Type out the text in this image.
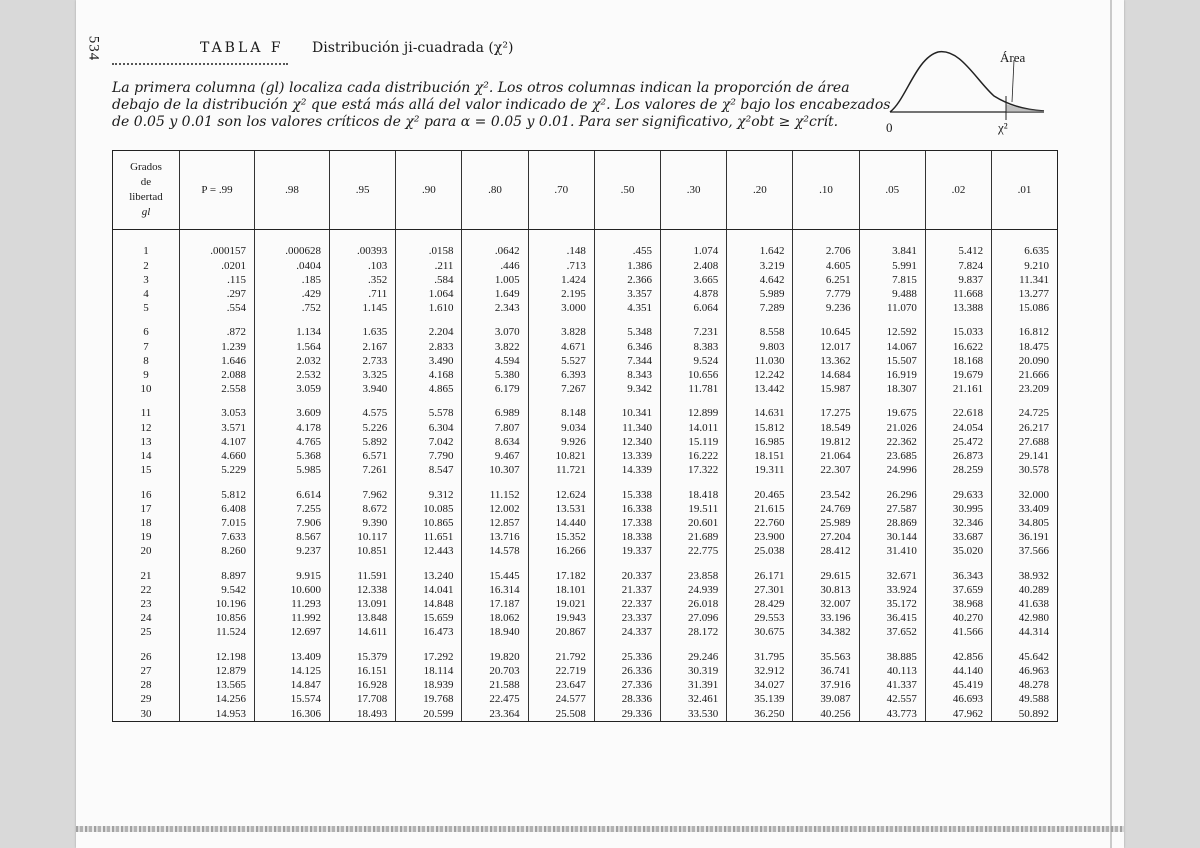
534	TABLA F Distribución ji-cuadrada (χ²)
La primera columna (gl) localiza cada distribución χ². Los otros columnas indican la proporción de área debajo de la distribución χ² que está más allá del valor indicado de χ². Los valores de χ² bajo los encabezados de 0.05 y 0.01 son los valores críticos de χ² para α = 0.05 y 0.01. Para ser significativo, χ²obt ≥ χ²crít.
Área
0	χ²
Grados
de
libertad
gl	P = .99	.98	.95	.90	.80	.70	.50	.30	.20	.10	.05	.02	.01
1	.000157	.000628	.00393	.0158	.0642	.148	.455	1.074	1.642	2.706	3.841	5.412	6.635
2	.0201	.0404	.103	.211	.446	.713	1.386	2.408	3.219	4.605	5.991	7.824	9.210
3	.115	.185	.352	.584	1.005	1.424	2.366	3.665	4.642	6.251	7.815	9.837	11.341
4	.297	.429	.711	1.064	1.649	2.195	3.357	4.878	5.989	7.779	9.488	11.668	13.277
5	.554	.752	1.145	1.610	2.343	3.000	4.351	6.064	7.289	9.236	11.070	13.388	15.086
6	.872	1.134	1.635	2.204	3.070	3.828	5.348	7.231	8.558	10.645	12.592	15.033	16.812
7	1.239	1.564	2.167	2.833	3.822	4.671	6.346	8.383	9.803	12.017	14.067	16.622	18.475
8	1.646	2.032	2.733	3.490	4.594	5.527	7.344	9.524	11.030	13.362	15.507	18.168	20.090
9	2.088	2.532	3.325	4.168	5.380	6.393	8.343	10.656	12.242	14.684	16.919	19.679	21.666
10	2.558	3.059	3.940	4.865	6.179	7.267	9.342	11.781	13.442	15.987	18.307	21.161	23.209
11	3.053	3.609	4.575	5.578	6.989	8.148	10.341	12.899	14.631	17.275	19.675	22.618	24.725
12	3.571	4.178	5.226	6.304	7.807	9.034	11.340	14.011	15.812	18.549	21.026	24.054	26.217
13	4.107	4.765	5.892	7.042	8.634	9.926	12.340	15.119	16.985	19.812	22.362	25.472	27.688
14	4.660	5.368	6.571	7.790	9.467	10.821	13.339	16.222	18.151	21.064	23.685	26.873	29.141
15	5.229	5.985	7.261	8.547	10.307	11.721	14.339	17.322	19.311	22.307	24.996	28.259	30.578
16	5.812	6.614	7.962	9.312	11.152	12.624	15.338	18.418	20.465	23.542	26.296	29.633	32.000
17	6.408	7.255	8.672	10.085	12.002	13.531	16.338	19.511	21.615	24.769	27.587	30.995	33.409
18	7.015	7.906	9.390	10.865	12.857	14.440	17.338	20.601	22.760	25.989	28.869	32.346	34.805
19	7.633	8.567	10.117	11.651	13.716	15.352	18.338	21.689	23.900	27.204	30.144	33.687	36.191
20	8.260	9.237	10.851	12.443	14.578	16.266	19.337	22.775	25.038	28.412	31.410	35.020	37.566
21	8.897	9.915	11.591	13.240	15.445	17.182	20.337	23.858	26.171	29.615	32.671	36.343	38.932
22	9.542	10.600	12.338	14.041	16.314	18.101	21.337	24.939	27.301	30.813	33.924	37.659	40.289
23	10.196	11.293	13.091	14.848	17.187	19.021	22.337	26.018	28.429	32.007	35.172	38.968	41.638
24	10.856	11.992	13.848	15.659	18.062	19.943	23.337	27.096	29.553	33.196	36.415	40.270	42.980
25	11.524	12.697	14.611	16.473	18.940	20.867	24.337	28.172	30.675	34.382	37.652	41.566	44.314
26	12.198	13.409	15.379	17.292	19.820	21.792	25.336	29.246	31.795	35.563	38.885	42.856	45.642
27	12.879	14.125	16.151	18.114	20.703	22.719	26.336	30.319	32.912	36.741	40.113	44.140	46.963
28	13.565	14.847	16.928	18.939	21.588	23.647	27.336	31.391	34.027	37.916	41.337	45.419	48.278
29	14.256	15.574	17.708	19.768	22.475	24.577	28.336	32.461	35.139	39.087	42.557	46.693	49.588
30	14.953	16.306	18.493	20.599	23.364	25.508	29.336	33.530	36.250	40.256	43.773	47.962	50.892
